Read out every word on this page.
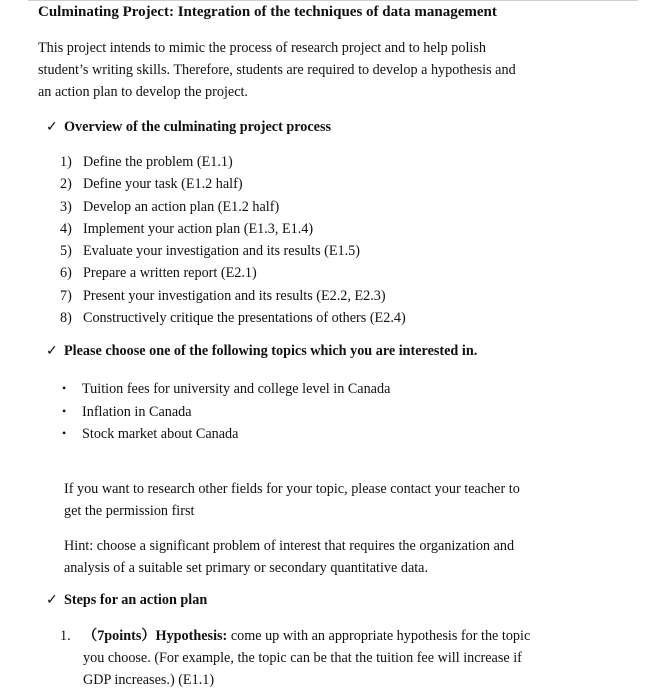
Culminating Project: Integration of the techniques of data management
This project intends to mimic the process of research project and to help polish
student’s writing skills. Therefore, students are required to develop a hypothesis and
an action plan to develop the project.
✓ Overview of the culminating project process
1) Define the problem (E1.1)
2) Define your task (E1.2 half)
3) Develop an action plan (E1.2 half)
4) Implement your action plan (E1.3, E1.4)
5) Evaluate your investigation and its results (E1.5)
6) Prepare a written report (E2.1)
7) Present your investigation and its results (E2.2, E2.3)
8) Constructively critique the presentations of others (E2.4)
✓ Please choose one of the following topics which you are interested in.
• Tuition fees for university and college level in Canada
• Inflation in Canada
• Stock market about Canada
If you want to research other fields for your topic, please contact your teacher to
get the permission first
Hint: choose a significant problem of interest that requires the organization and
analysis of a suitable set primary or secondary quantitative data.
✓ Steps for an action plan
1. （7points）Hypothesis: come up with an appropriate hypothesis for the topic
you choose. (For example, the topic can be that the tuition fee will increase if
GDP increases.) (E1.1)
